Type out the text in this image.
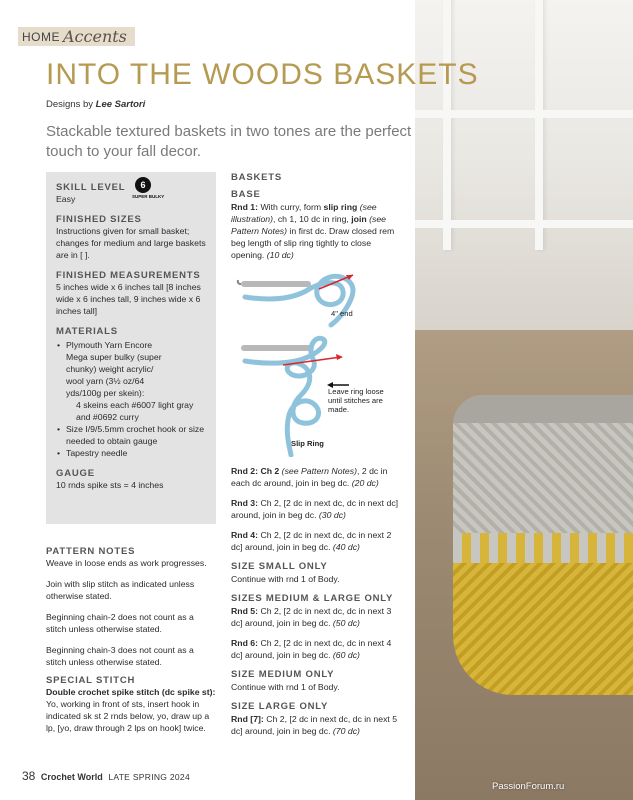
HOME Accents
INTO THE WOODS BASKETS
Designs by Lee Sartori
Stackable textured baskets in two tones are the perfect touch to your fall decor.

SKILL LEVEL

Easy

FINISHED SIZES

Instructions given for small basket; changes for medium and large baskets are in [ ].

FINISHED MEASUREMENTS

5 inches wide x 6 inches tall [8 inches wide x 6 inches tall, 9 inches wide x 6 inches tall]

MATERIALS

• Plymouth Yarn Encore Mega super bulky (super chunky) weight acrylic/ wool yarn (3½ oz/64 yds/100g per skein):
4 skeins each #6007 light gray and #0692 curry
• Size I/9/5.5mm crochet hook or size needed to obtain gauge
• Tapestry needle

GAUGE

10 rnds spike sts = 4 inches

6
SUPER BULKY

PATTERN NOTES

Weave in loose ends as work progresses.

Join with slip stitch as indicated unless otherwise stated.

Beginning chain-2 does not count as a stitch unless otherwise stated.

Beginning chain-3 does not count as a stitch unless otherwise stated.

SPECIAL STITCH

Double crochet spike stitch (dc spike st): Yo, working in front of sts, insert hook in indicated sk st 2 rnds below, yo, draw up a lp, [yo, draw through 2 lps on hook] twice.

BASKETS

BASE

Rnd 1: With curry, form slip ring (see illustration), ch 1, 10 dc in ring, join (see Pattern Notes) in first dc. Draw closed rem beg length of slip ring tightly to close opening. (10 dc)

4" end
Leave ring loose until stitches are made.
Slip Ring

Rnd 2: Ch 2 (see Pattern Notes), 2 dc in each dc around, join in beg dc. (20 dc)

Rnd 3: Ch 2, [2 dc in next dc, dc in next dc] around, join in beg dc. (30 dc)

Rnd 4: Ch 2, [2 dc in next dc, dc in next 2 dc] around, join in beg dc. (40 dc)

SIZE SMALL ONLY

Continue with rnd 1 of Body.

SIZES MEDIUM & LARGE ONLY

Rnd 5: Ch 2, [2 dc in next dc, dc in next 3 dc] around, join in beg dc. (50 dc)

Rnd 6: Ch 2, [2 dc in next dc, dc in next 4 dc] around, join in beg dc. (60 dc)

SIZE MEDIUM ONLY

Continue with rnd 1 of Body.

SIZE LARGE ONLY

Rnd [7]: Ch 2, [2 dc in next dc, dc in next 5 dc] around, join in beg dc. (70 dc)

38 Crochet World LATE SPRING 2024
PassionForum.ru
